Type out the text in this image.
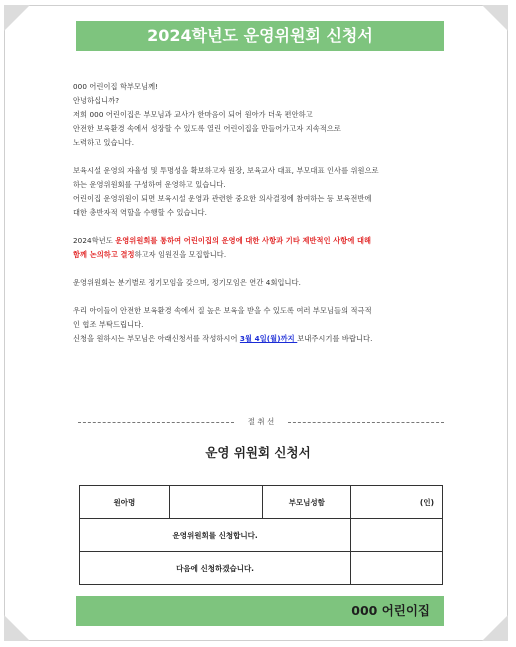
2024학년도 운영위원회 신청서

000 어린이집 학부모님께!

안녕하십니까?

저희 000 어린이집은 부모님과 교사가 한마음이 되어 원아가 더욱 편안하고

안전한 보육환경 속에서 성장할 수 있도록 열린 어린이집을 만들어가고자 지속적으로

노력하고 있습니다.

보육시설 운영의 자율성 및 투명성을 확보하고자 원장, 보육교사 대표, 부모대표 인사를 위원으로

하는 운영위원회를 구성하여 운영하고 있습니다.

어린이집 운영위원이 되면 보육시설 운영과 관련한 중요한 의사결정에 참여하는 등 보육전반에

대한 총반자적 역할을 수행할 수 있습니다.

2024학년도 운영위원회를 통하여 어린이집의 운영에 대한 사항과 기타 제반적인 사항에 대해

함께 논의하고 결정하고자 임원진을 모집합니다.

운영위원회는 분기별로 정기모임을 갖으며, 정기모임은 연간 4회입니다.

우리 아이들이 안전한 보육환경 속에서 질 높은 보육을 받을 수 있도록 여러 부모님들의 적극적

인 협조 부탁드립니다.

신청을 원하시는 부모님은 아래신청서를 작성하시어 3월 4일(월)까지 보내주시기를 바랍니다.

절 취 선
운영 위원회 신청서
원아명		부모님성함	(인)
운영위원회를 신청합니다.			
다음에 신청하겠습니다.			
000 어린이집
